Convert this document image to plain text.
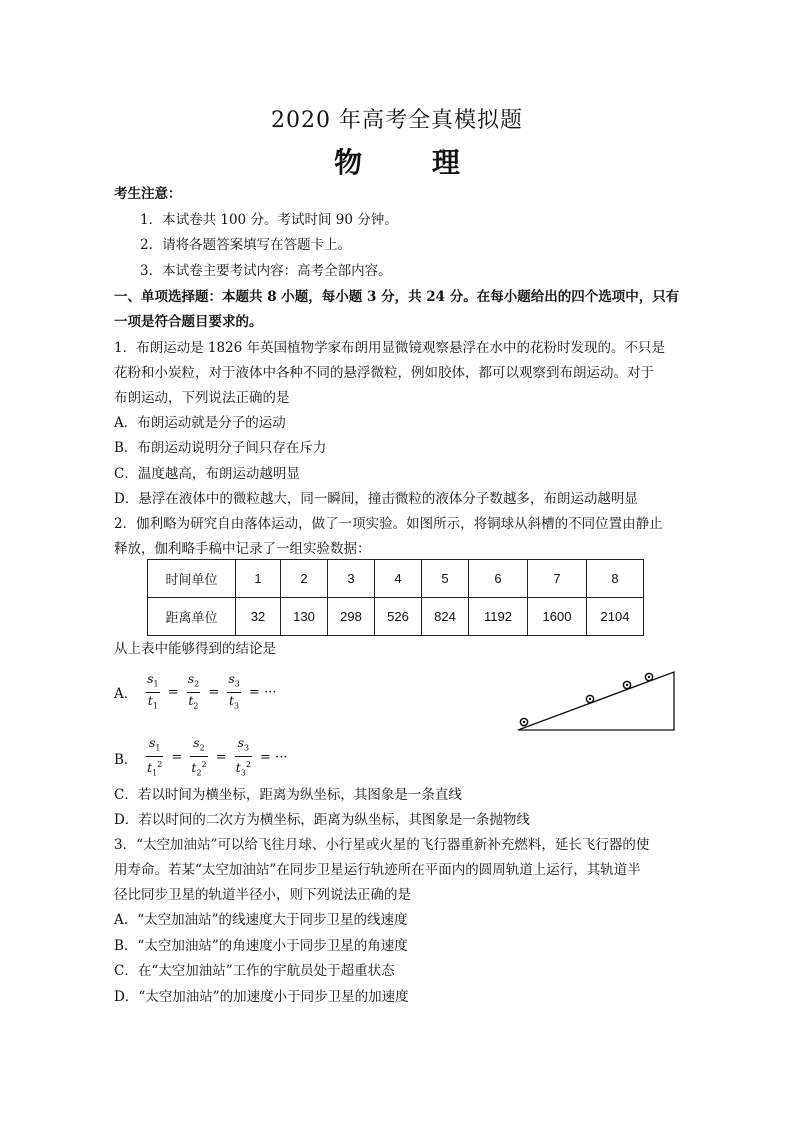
2020 年高考全真模拟题
物 理
考生注意：
1．本试卷共 100 分。考试时间 90 分钟。
2．请将各题答案填写在答题卡上。
3．本试卷主要考试内容：高考全部内容。
一、单项选择题：本题共 8 小题，每小题 3 分，共 24 分。在每小题给出的四个选项中，只有
一项是符合题目要求的。
1．布朗运动是 1826 年英国植物学家布朗用显微镜观察悬浮在水中的花粉时发现的。不只是
花粉和小炭粒，对于液体中各种不同的悬浮微粒，例如胶体，都可以观察到布朗运动。对于
布朗运动，下列说法正确的是
A．布朗运动就是分子的运动
B．布朗运动说明分子间只存在斥力
C．温度越高，布朗运动越明显
D．悬浮在液体中的微粒越大，同一瞬间，撞击微粒的液体分子数越多，布朗运动越明显
2．伽利略为研究自由落体运动，做了一项实验。如图所示，将铜球从斜槽的不同位置由静止
释放，伽利略手稿中记录了一组实验数据：
时间单位	1	2	3	4	5	6	7	8
距离单位	32	130	298	526	824	1192	1600	2104
从上表中能够得到的结论是
A． $\frac{s_1}{t_1} = \frac{s_2}{t_2} = \frac{s_3}{t_3}$ = ···
B． $\frac{s_1}{t_1^2} = \frac{s_2}{t_2^2} = \frac{s_3}{t_3^2}$ = ···
C．若以时间为横坐标，距离为纵坐标，其图象是一条直线
D．若以时间的二次方为横坐标，距离为纵坐标，其图象是一条抛物线
3．“太空加油站”可以给飞往月球、小行星或火星的飞行器重新补充燃料，延长飞行器的使
用寿命。若某“太空加油站”在同步卫星运行轨迹所在平面内的圆周轨道上运行，其轨道半
径比同步卫星的轨道半径小，则下列说法正确的是
A．“太空加油站”的线速度大于同步卫星的线速度
B．“太空加油站”的角速度小于同步卫星的角速度
C．在“太空加油站”工作的宇航员处于超重状态
D．“太空加油站”的加速度小于同步卫星的加速度
